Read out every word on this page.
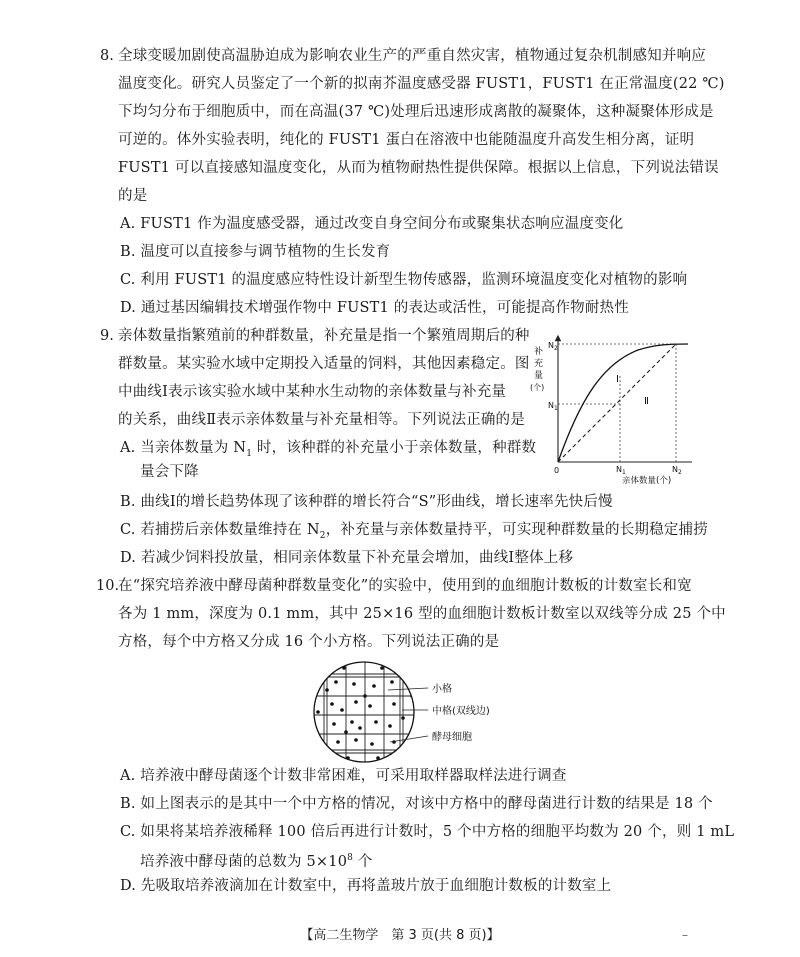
8. 全球变暖加剧使高温胁迫成为影响农业生产的严重自然灾害，植物通过复杂机制感知并响应
温度变化。研究人员鉴定了一个新的拟南芥温度感受器 FUST1，FUST1 在正常温度(22 ℃)
下均匀分布于细胞质中，而在高温(37 ℃)处理后迅速形成离散的凝聚体，这种凝聚体形成是
可逆的。体外实验表明，纯化的 FUST1 蛋白在溶液中也能随温度升高发生相分离，证明
FUST1 可以直接感知温度变化，从而为植物耐热性提供保障。根据以上信息，下列说法错误
的是
A. FUST1 作为温度感受器，通过改变自身空间分布或聚集状态响应温度变化
B. 温度可以直接参与调节植物的生长发育
C. 利用 FUST1 的温度感应特性设计新型生物传感器，监测环境温度变化对植物的影响
D. 通过基因编辑技术增强作物中 FUST1 的表达或活性，可能提高作物耐热性
9. 亲体数量指繁殖前的种群数量，补充量是指一个繁殖周期后的种
群数量。某实验水域中定期投入适量的饲料，其他因素稳定。图
中曲线Ⅰ表示该实验水域中某种水生动物的亲体数量与补充量
的关系，曲线Ⅱ表示亲体数量与补充量相等。下列说法正确的是
A. 当亲体数量为 $N_1$ 时，该种群的补充量小于亲体数量，种群数
量会下降
B. 曲线Ⅰ的增长趋势体现了该种群的增长符合“S”形曲线，增长速率先快后慢
C. 若捕捞后亲体数量维持在 $N_2$，补充量与亲体数量持平，可实现种群数量的长期稳定捕捞
D. 若减少饲料投放量，相同亲体数量下补充量会增加，曲线Ⅰ整体上移
Ⅰ
Ⅱ
补
充
量
(个)
$N_2$
$N_1$
0	$N_1$	$N_2$
亲体数量(个)
10.
在“探究培养液中酵母菌种群数量变化”的实验中，使用到的血细胞计数板的计数室长和宽
各为 1 mm，深度为 0.1 mm，其中 25×16 型的血细胞计数板计数室以双线等分成 25 个中
方格，每个中方格又分成 16 个小方格。下列说法正确的是
小格
中格(双线边)
酵母细胞
A. 培养液中酵母菌逐个计数非常困难，可采用取样器取样法进行调查
B. 如上图表示的是其中一个中方格的情况，对该中方格中的酵母菌进行计数的结果是 18 个
C. 如果将某培养液稀释 100 倍后再进行计数时，5 个中方格的细胞平均数为 20 个，则 1 mL
培养液中酵母菌的总数为 $5\times 10^8$ 个
D. 先吸取培养液滴加在计数室中，再将盖玻片放于血细胞计数板的计数室上
【高二生物学　第 3 页(共 8 页)】	–
